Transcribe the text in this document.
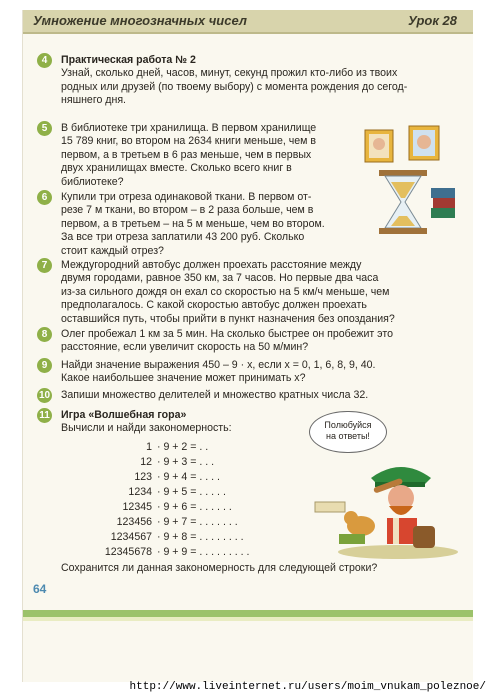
Умножение многозначных чисел	Урок 28
4	Практическая работа № 2
Узнай, сколько дней, часов, минут, секунд прожил кто-либо из твоих
родных или друзей (по твоему выбору) с момента рождения до сегод-
няшнего дня.
5	В библиотеке три хранилища. В первом хранилище
15 789 книг, во втором на 2634 книги меньше, чем в
первом, а в третьем в 6 раз меньше, чем в первых
двух хранилищах вместе. Сколько всего книг в
библиотеке?
6	Купили три отреза одинаковой ткани. В первом от-
резе 7 м ткани, во втором – в 2 раза больше, чем в
первом, а в третьем – на 5 м меньше, чем во втором.
За все три отреза заплатили 43 200 руб. Сколько
стоит каждый отрез?
7	Междугородний автобус должен проехать расстояние между
двумя городами, равное 350 км, за 7 часов. Но первые два часа
из-за сильного дождя он ехал со скоростью на 5 км/ч меньше, чем
предполагалось. С какой скоростью автобус должен проехать
оставшийся путь, чтобы прийти в пункт назначения без опоздания?
8	Олег пробежал 1 км за 5 мин. На сколько быстрее он пробежит это
расстояние, если увеличит скорость на 50 м/мин?
9	Найди значение выражения 450 – 9 · x, если x = 0, 1, 6, 8, 9, 40.
Какое наибольшее значение может принимать x?
10 Запиши множество делителей и множество кратных числа 32.
11 Игра «Волшебная гора»
Вычисли и найди закономерность:
1 · 9 + 2 = . .
12 · 9 + 3 = . . .
123 · 9 + 4 = . . . .
1234 · 9 + 5 = . . . . .
12345 · 9 + 6 = . . . . . .
123456 · 9 + 7 = . . . . . . .
1234567 · 9 + 8 = . . . . . . . .
12345678 · 9 + 9 = . . . . . . . . .
Сохранится ли данная закономерность для следующей строки?
Полюбуйся
на ответы!
64
http://www.liveinternet.ru/users/moim_vnukam_poleznoe/
